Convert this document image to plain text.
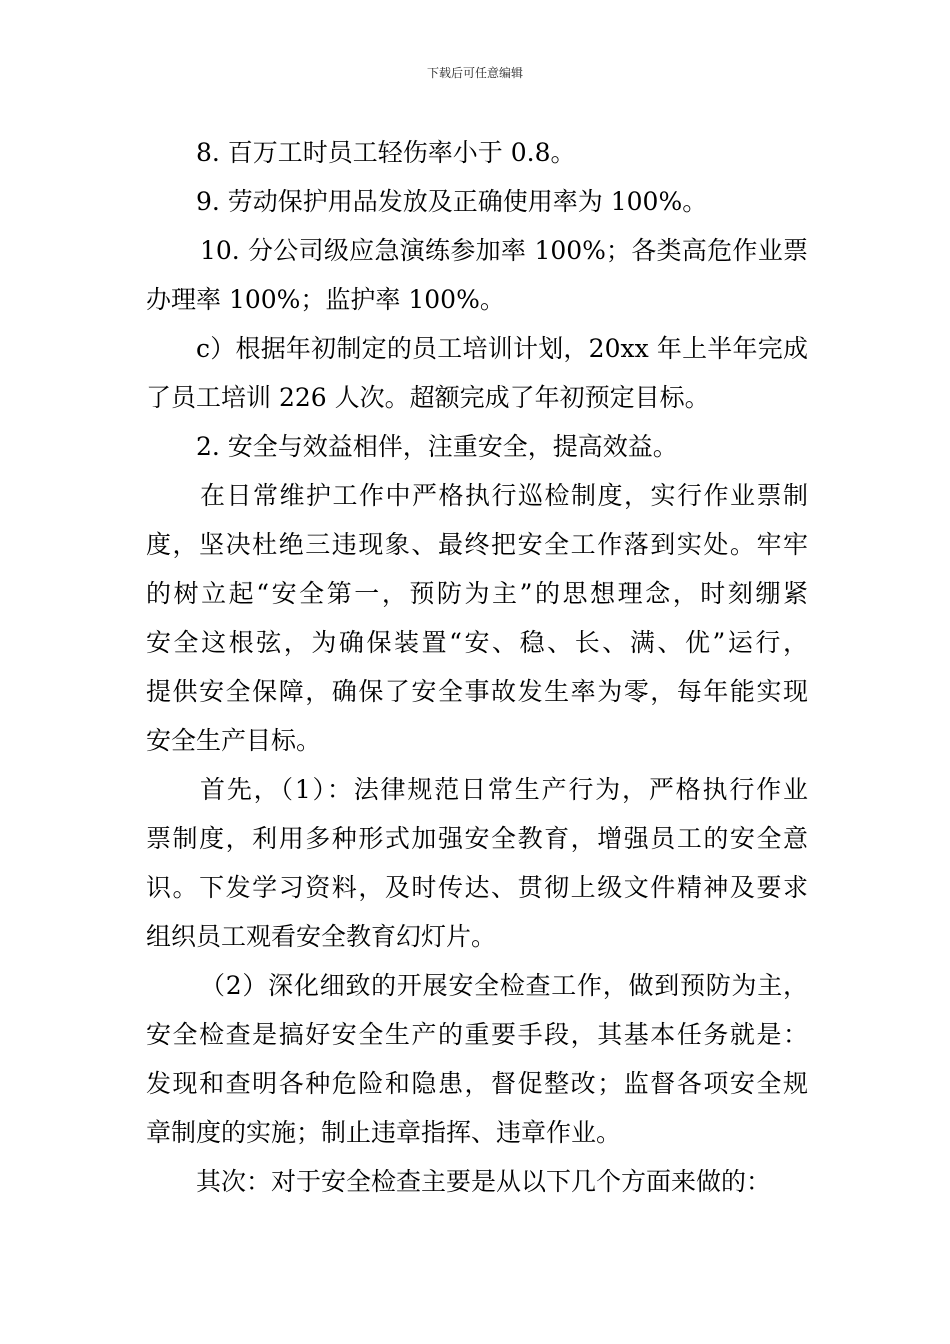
下载后可任意编辑
8. 百万工时员工轻伤率小于 0.8。
9. 劳动保护用品发放及正确使用率为 100%。
10. 分公司级应急演练参加率 100%；各类高危作业票
办理率 100%；监护率 100%。
c）根据年初制定的员工培训计划，20xx 年上半年完成
了员工培训 226 人次。超额完成了年初预定目标。
2. 安全与效益相伴，注重安全，提高效益。
在日常维护工作中严格执行巡检制度，实行作业票制
度，坚决杜绝三违现象、最终把安全工作落到实处。牢牢
的树立起“安全第一，预防为主”的思想理念，时刻绷紧
安全这根弦，为确保装置“安、稳、长、满、优”运行，
提供安全保障，确保了安全事故发生率为零，每年能实现
安全生产目标。
首先，（1）：法律规范日常生产行为，严格执行作业
票制度，利用多种形式加强安全教育，增强员工的安全意
识。下发学习资料，及时传达、贯彻上级文件精神及要求
组织员工观看安全教育幻灯片。
（2）深化细致的开展安全检查工作，做到预防为主，
安全检查是搞好安全生产的重要手段，其基本任务就是：
发现和查明各种危险和隐患，督促整改；监督各项安全规
章制度的实施；制止违章指挥、违章作业。
其次：对于安全检查主要是从以下几个方面来做的：
